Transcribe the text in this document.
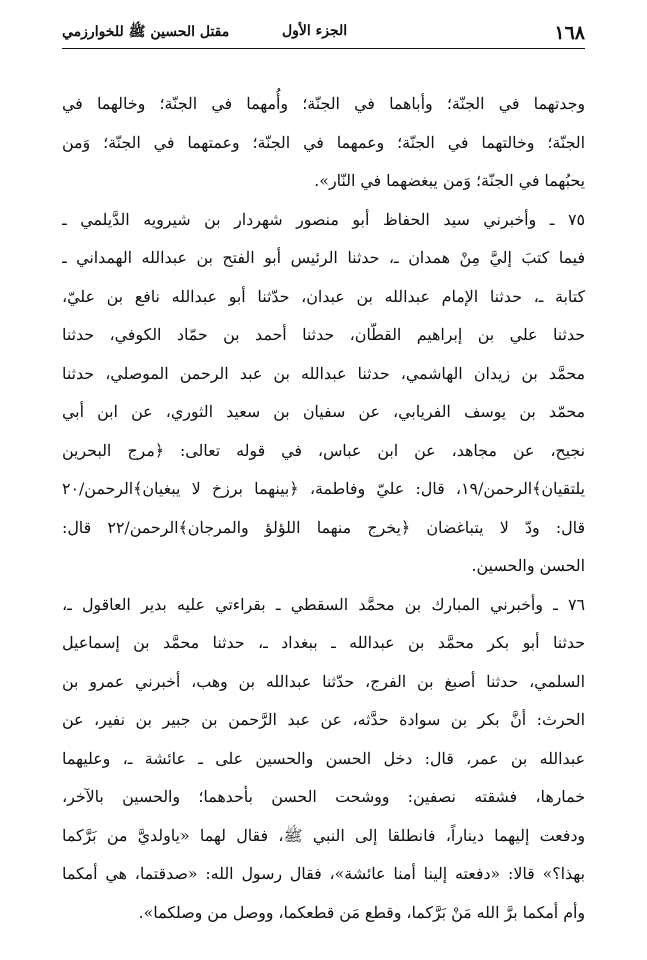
١٦٨
الجزء الأول
مقتل الحسين ﷺ للخوارزمي
وجدتهما في الجنّة؛ وأباهما في الجنّة؛ وأُمهما في الجنّة؛ وخالهما في
الجنّة؛ وخالتهما في الجنّة؛ وعمهما في الجنّة؛ وعمتهما في الجنّة؛ وَمن
يحبُهما في الجنّة؛ وَمن يبغضهما في النّار».
٧٥ ـ وأخبرني سيد الحفاظ أبو منصور شهردار بن شيرويه الدَّيلمي ـ
فيما كتبَ إليَّ مِنْ همدان ـ، حدثنا الرئيس أبو الفتح بن عبدالله الهمداني ـ
كتابة ـ، حدثنا الإمام عبدالله بن عبدان، حدّثنا أبو عبدالله نافع بن عليّ،
حدثنا علي بن إبراهيم القطّان، حدثنا أحمد بن حمّاد الكوفي، حدثنا
محمَّد بن زيدان الهاشمي، حدثنا عبدالله بن عبد الرحمن الموصلي، حدثنا
محمّد بن يوسف الفريابي، عن سفيان بن سعيد الثوري، عن ابن أبي
نجيح، عن مجاهد، عن ابن عباس، في قوله تعالى: ﴿مرج البحرين
يلتقيان﴾الرحمن/١٩، قال: عليّ وفاطمة، ﴿بينهما برزخ لا يبغيان﴾الرحمن/٢٠
قال: ودّ لا يتباغضان ﴿يخرج منهما اللؤلؤ والمرجان﴾الرحمن/٢٢ قال:
الحسن والحسين.
٧٦ ـ وأخبرني المبارك بن محمَّد السقطي ـ بقراءتي عليه بدير العاقول ـ،
حدثنا أبو بكر محمَّد بن عبدالله ـ ببغداد ـ، حدثنا محمَّد بن إسماعيل
السلمي، حدثنا أصبغ بن الفرج، حدّثنا عبدالله بن وهب، أخبرني عمرو بن
الحرث: أنَّ بكر بن سوادة حدَّثه، عن عبد الرَّحمن بن جبير بن نفير، عن
عبدالله بن عمر، قال: دخل الحسن والحسين على ـ عائشة ـ، وعليهما
خمارها، فشقته نصفين: ووشحت الحسن بأحدهما؛ والحسين بالآخر،
ودفعت إليهما ديناراً، فانطلقا إلى النبي ﷺ، فقال لهما «ياولديَّ من بَرَّكما
بهذا؟» قالا: «دفعته إلينا أمنا عائشة»، فقال رسول الله: «صدقتما، هي أمكما
وأم أمكما برَّ الله مَنْ بَرَّكما، وقطع مَن قطعكما، ووصل من وصلكما».
